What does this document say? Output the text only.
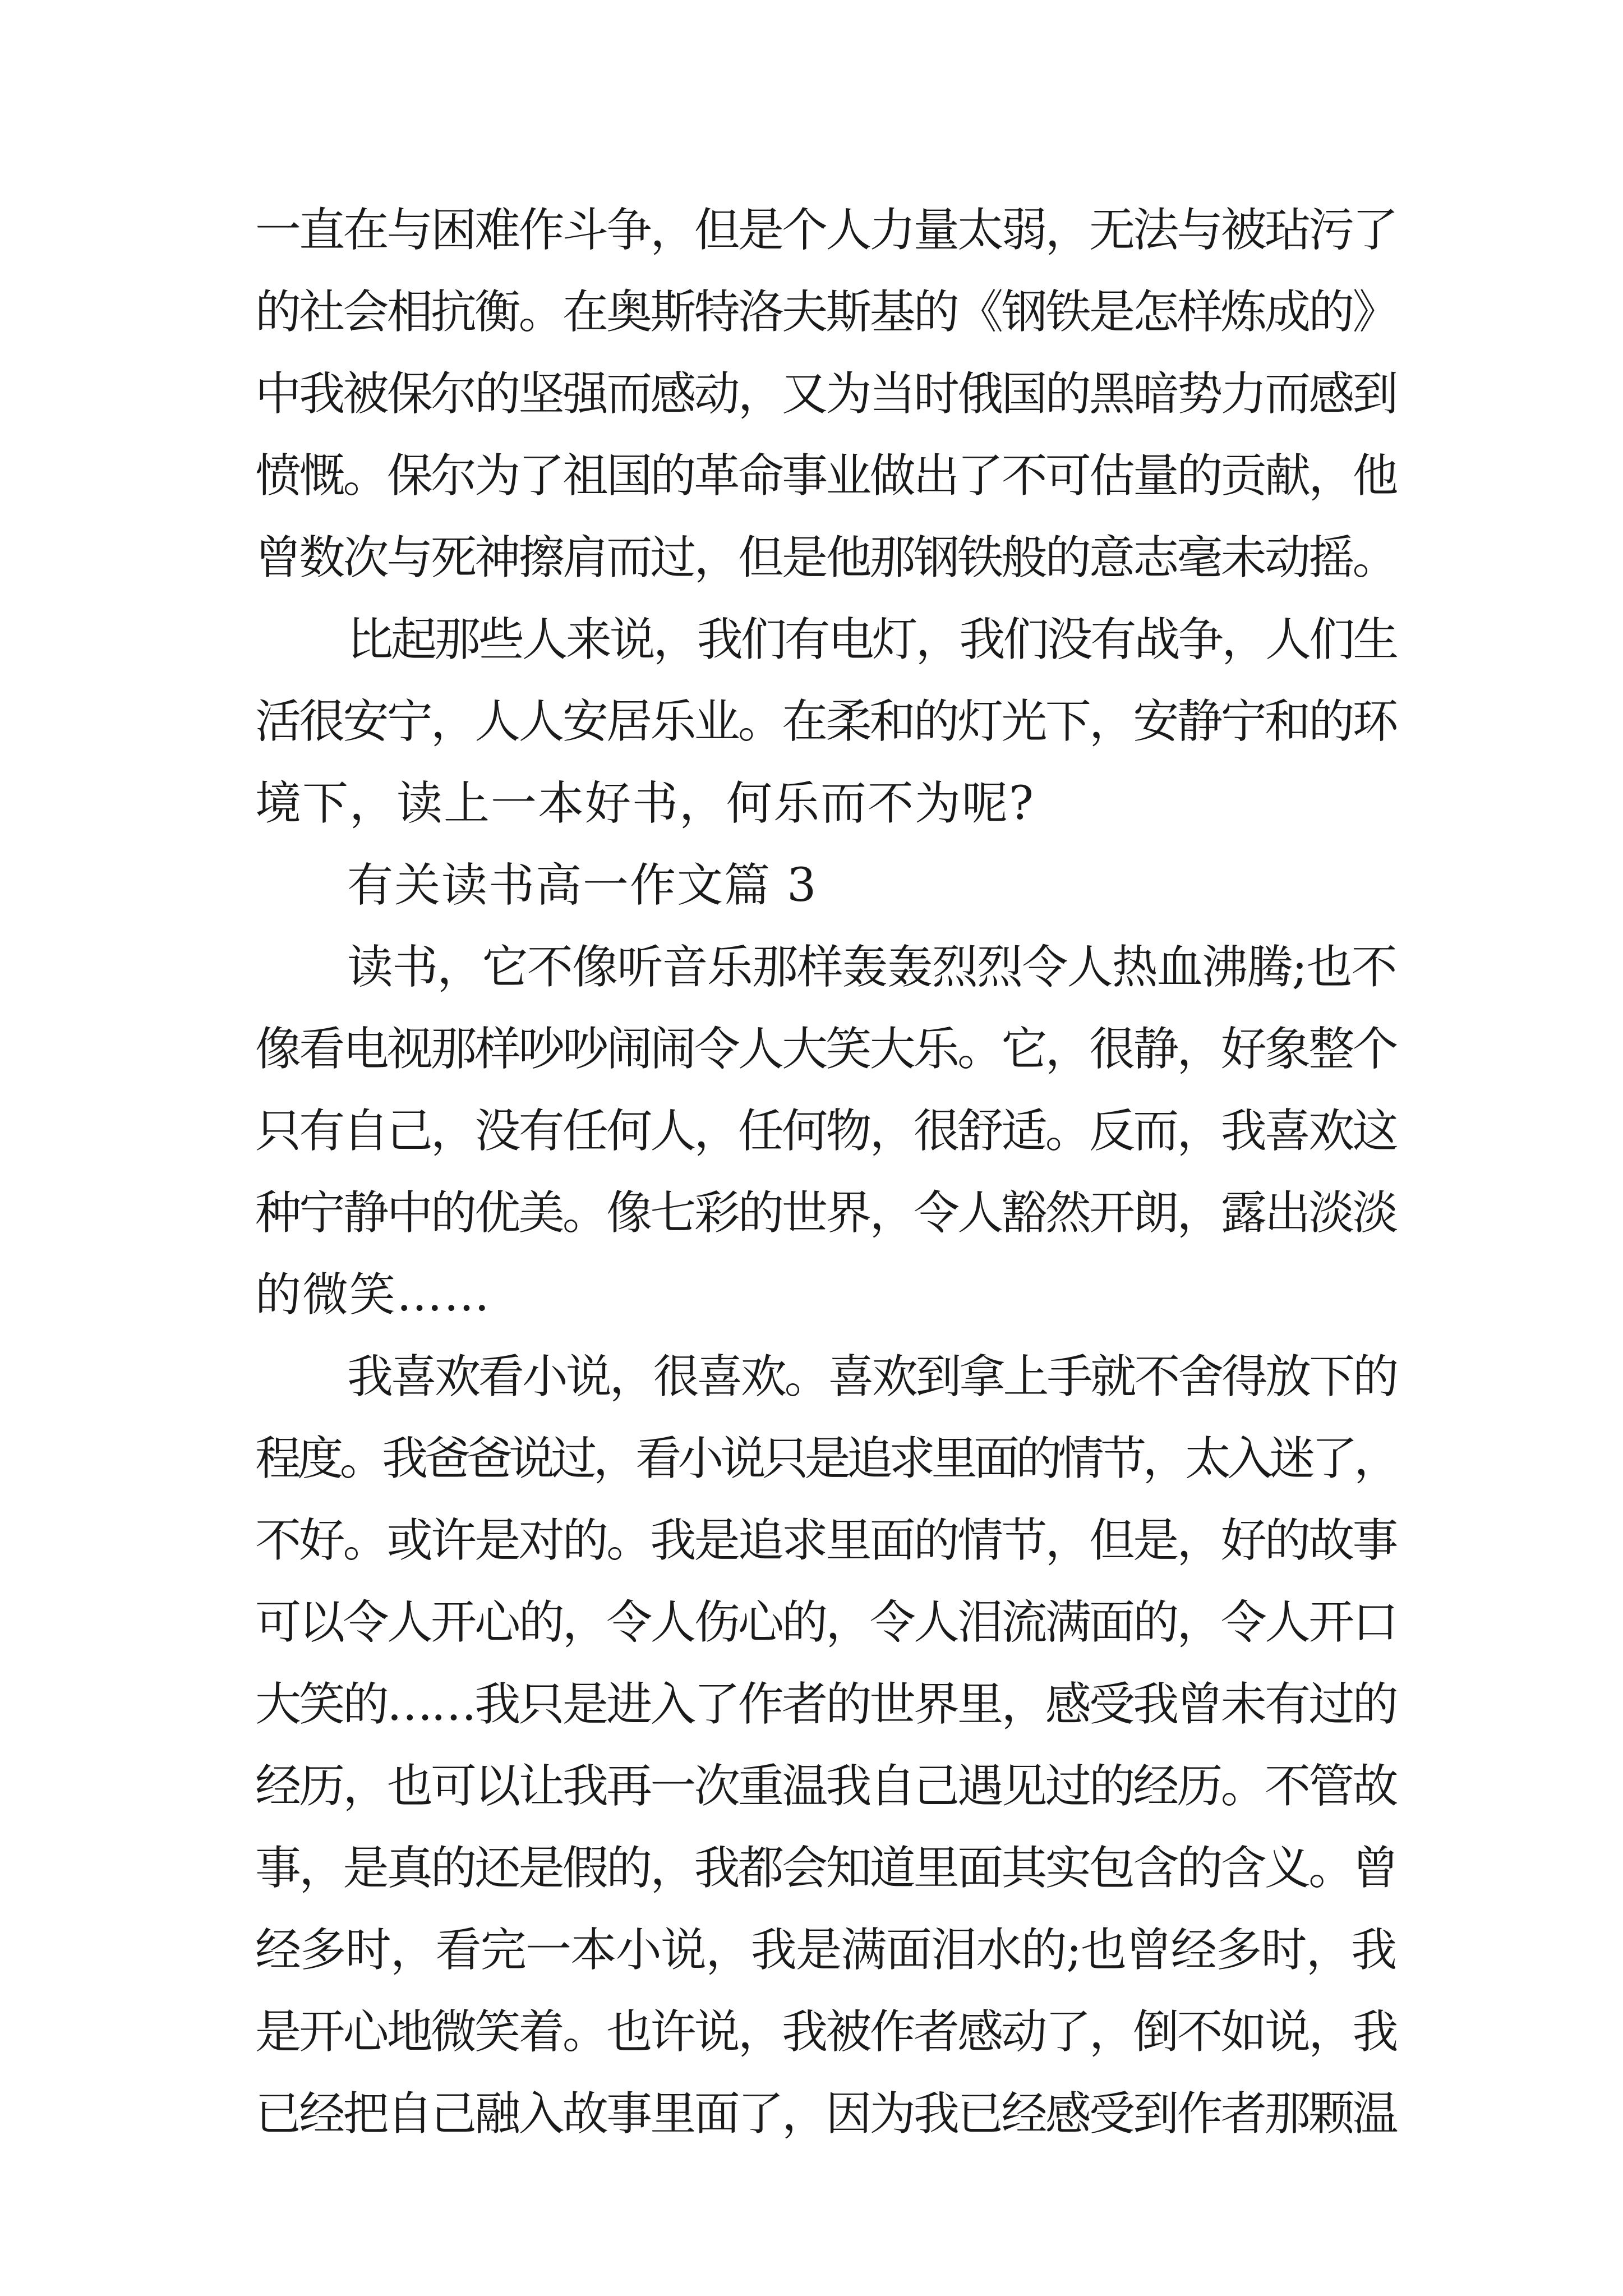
一直在与困难作斗争，但是个人力量太弱，无法与被玷污了
的社会相抗衡。在奥斯特洛夫斯基的《钢铁是怎样炼成的》
中我被保尔的坚强而感动，又为当时俄国的黑暗势力而感到
愤慨。保尔为了祖国的革命事业做出了不可估量的贡献，他
曾数次与死神擦肩而过，但是他那钢铁般的意志毫未动摇。
比起那些人来说，我们有电灯，我们没有战争，人们生
活很安宁，人人安居乐业。在柔和的灯光下，安静宁和的环
境下，读上一本好书，何乐而不为呢?
有关读书高一作文篇 3
读书，它不像听音乐那样轰轰烈烈令人热血沸腾;也不
像看电视那样吵吵闹闹令人大笑大乐。它，很静，好象整个
只有自己，没有任何人，任何物，很舒适。反而，我喜欢这
种宁静中的优美。像七彩的世界，令人豁然开朗，露出淡淡
的微笑……
我喜欢看小说，很喜欢。喜欢到拿上手就不舍得放下的
程度。我爸爸说过，看小说只是追求里面的情节，太入迷了，
不好。或许是对的。我是追求里面的情节，但是，好的故事
可以令人开心的，令人伤心的，令人泪流满面的，令人开口
大笑的……我只是进入了作者的世界里，感受我曾未有过的
经历，也可以让我再一次重温我自己遇见过的经历。不管故
事，是真的还是假的，我都会知道里面其实包含的含义。曾
经多时，看完一本小说，我是满面泪水的;也曾经多时，我
是开心地微笑着。也许说，我被作者感动了，倒不如说，我
已经把自己融入故事里面了，因为我已经感受到作者那颗温
